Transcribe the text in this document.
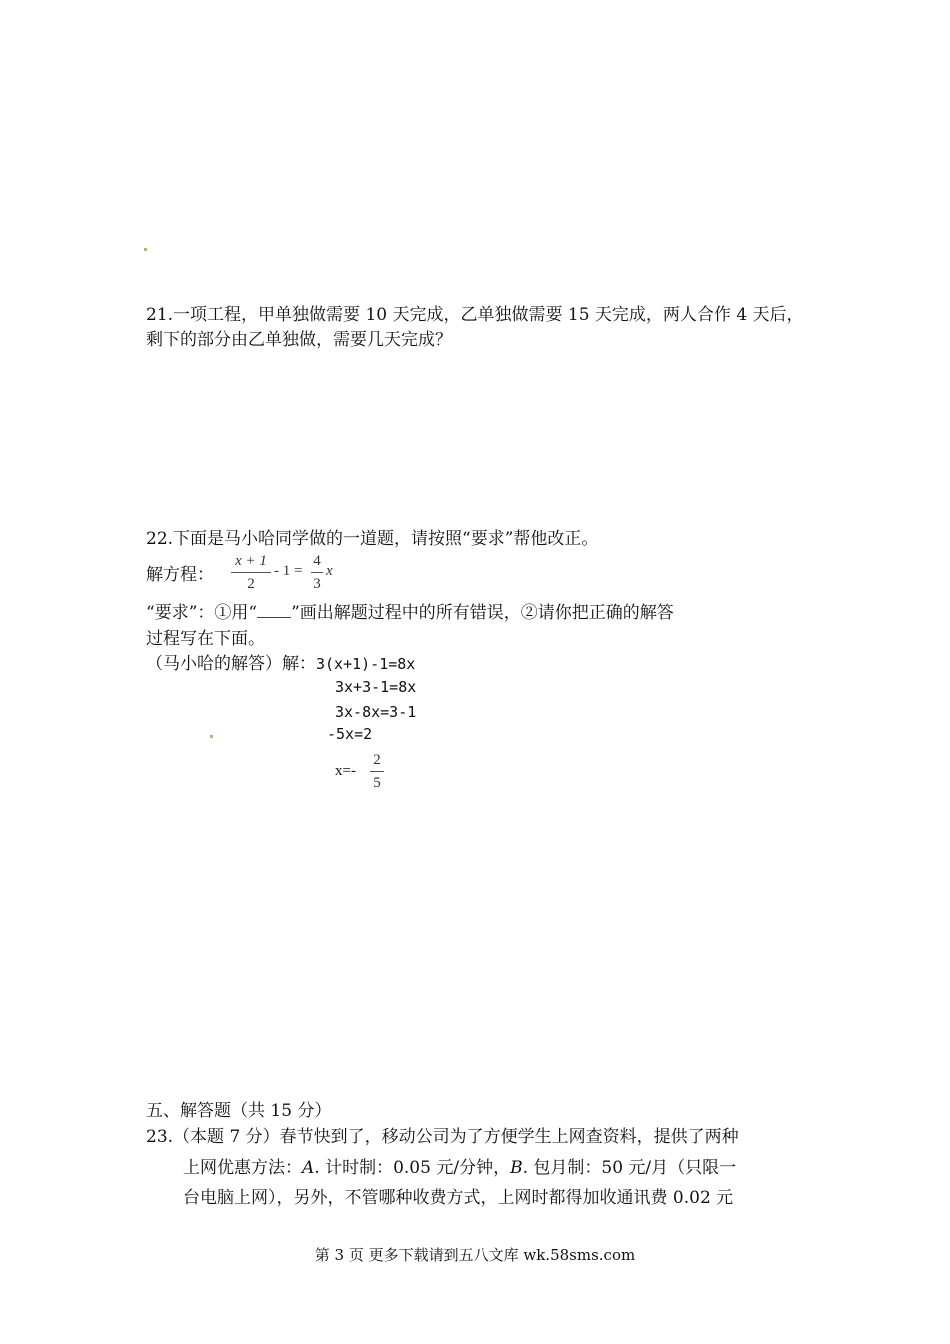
21.一项工程，甲单独做需要 10 天完成，乙单独做需要 15 天完成，两人合作 4 天后，
剩下的部分由乙单独做，需要几天完成？
22.下面是马小哈同学做的一道题，请按照“要求”帮他改正。
解方程：
x + 1
2
- 1 =
4
3
x
“要求”：①用“ ”画出解题过程中的所有错误，②请你把正确的解答
过程写在下面。
（马小哈的解答）解：3(x+1)-1=8x
3x+3-1=8x
3x-8x=3-1
-5x=2
x=-
2
5
五、解答题（共 15 分）
23.（本题 7 分）春节快到了，移动公司为了方便学生上网查资料，提供了两种
上网优惠方法：A. 计时制：0.05 元/分钟，B. 包月制：50 元/月（只限一
台电脑上网），另外，不管哪种收费方式，上网时都得加收通讯费 0.02 元
第 3 页 更多下载请到五八文库 wk.58sms.com
